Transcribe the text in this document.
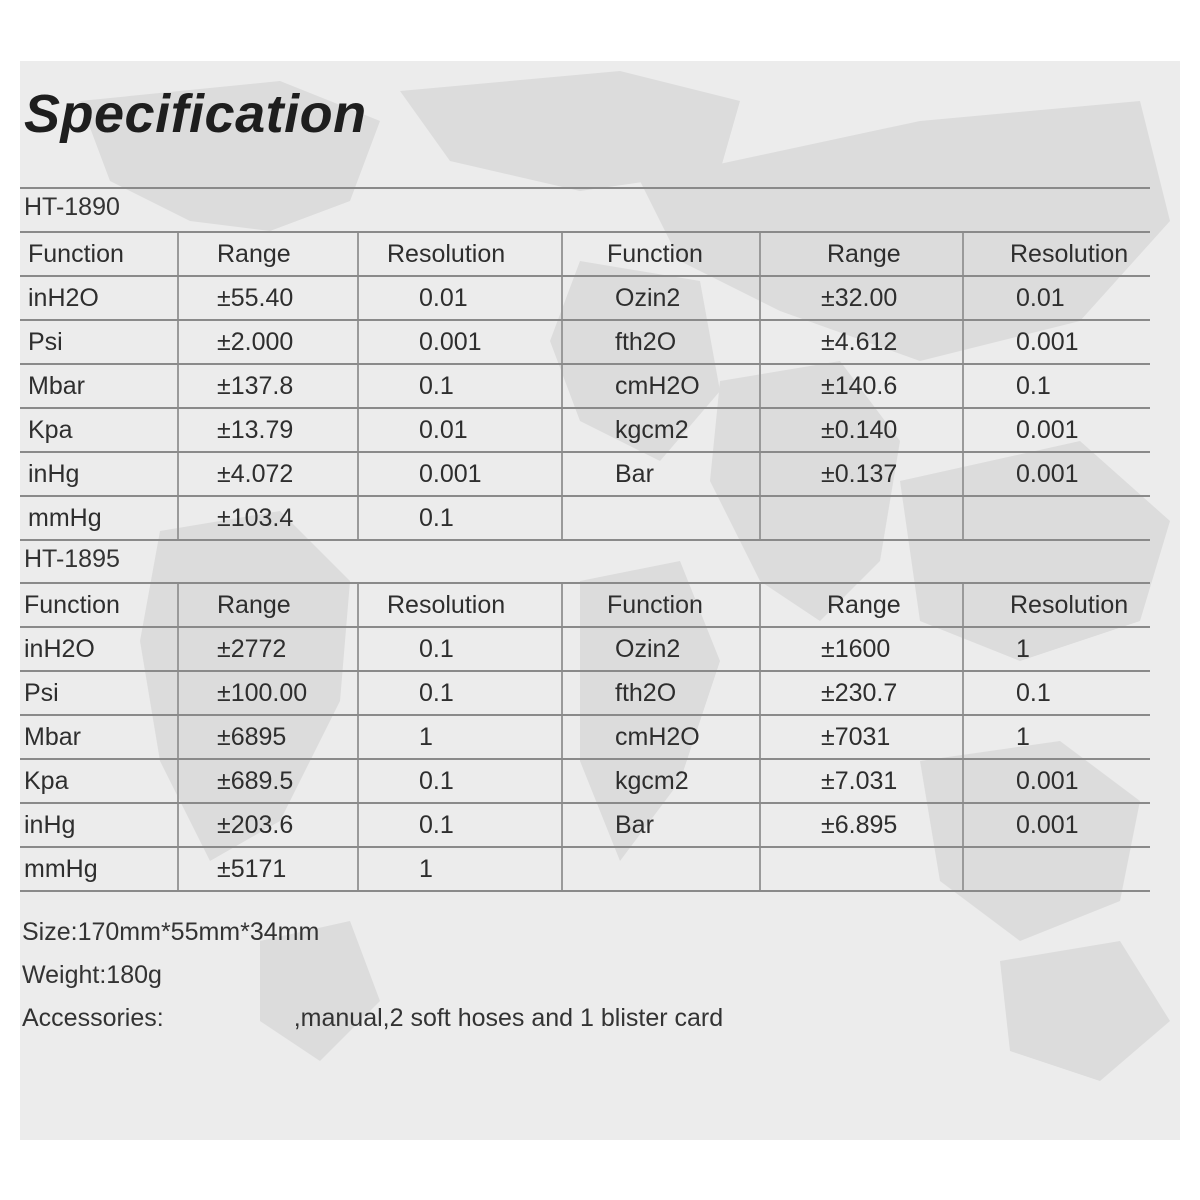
Specification
HT-1890
Function	Range	Resolution	Function	Range	Resolution
inH2O	±55.40	0.01	Ozin2	±32.00	0.01
Psi	±2.000	0.001	fth2O	±4.612	0.001
Mbar	±137.8	0.1	cmH2O	±140.6	0.1
Kpa	±13.79	0.01	kgcm2	±0.140	0.001
inHg	±4.072	0.001	Bar	±0.137	0.001
mmHg	±103.4	0.1			
HT-1895
Function	Range	Resolution	Function	Range	Resolution
inH2O	±2772	0.1	Ozin2	±1600	1
Psi	±100.00	0.1	fth2O	±230.7	0.1
Mbar	±6895	1	cmH2O	±7031	1
Kpa	±689.5	0.1	kgcm2	±7.031	0.001
inHg	±203.6	0.1	Bar	±6.895	0.001
mmHg	±5171	1			
Size:170mm*55mm*34mm
Weight:180g
Accessories:	,manual,2 soft hoses and 1 blister card
